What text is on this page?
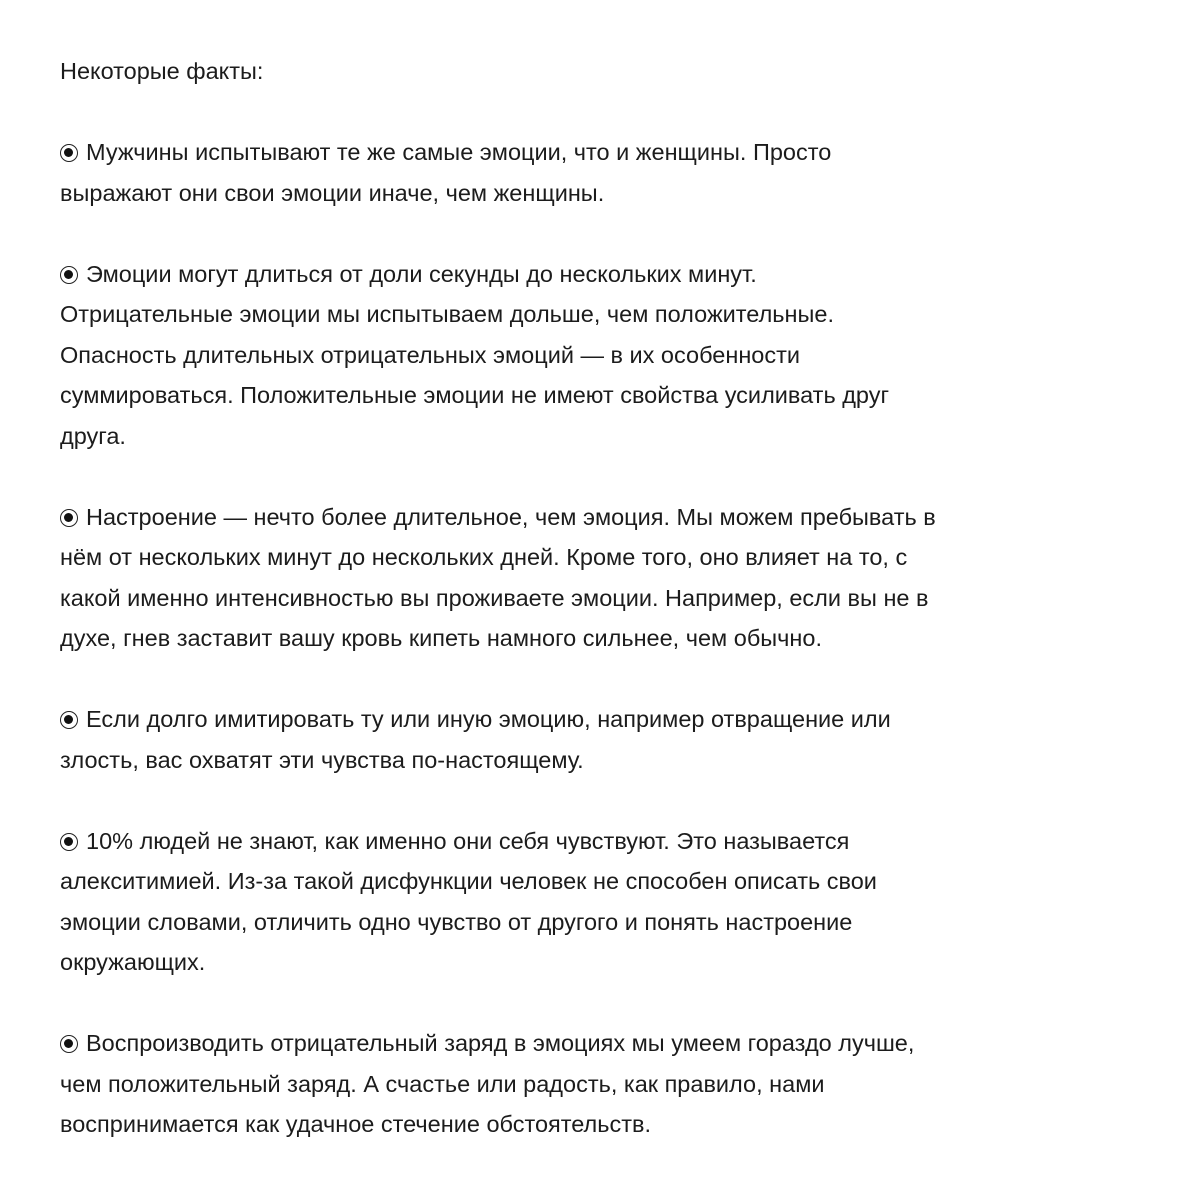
Некоторые факты:

Мужчины испытывают те же самые эмоции, что и женщины. Просто
выражают они свои эмоции иначе, чем женщины.

Эмоции могут длиться от доли секунды до нескольких минут.
Отрицательные эмоции мы испытываем дольше, чем положительные.
Опасность длительных отрицательных эмоций — в их особенности
суммироваться. Положительные эмоции не имеют свойства усиливать друг
друга.

Настроение — нечто более длительное, чем эмоция. Мы можем пребывать в
нём от нескольких минут до нескольких дней. Кроме того, оно влияет на то, с
какой именно интенсивностью вы проживаете эмоции. Например, если вы не в
духе, гнев заставит вашу кровь кипеть намного сильнее, чем обычно.

Если долго имитировать ту или иную эмоцию, например отвращение или
злость, вас охватят эти чувства по-настоящему.

10% людей не знают, как именно они себя чувствуют. Это называется
алекситимией. Из-за такой дисфункции человек не способен описать свои
эмоции словами, отличить одно чувство от другого и понять настроение
окружающих.

Воспроизводить отрицательный заряд в эмоциях мы умеем гораздо лучше,
чем положительный заряд. А счастье или радость, как правило, нами
воспринимается как удачное стечение обстоятельств.
